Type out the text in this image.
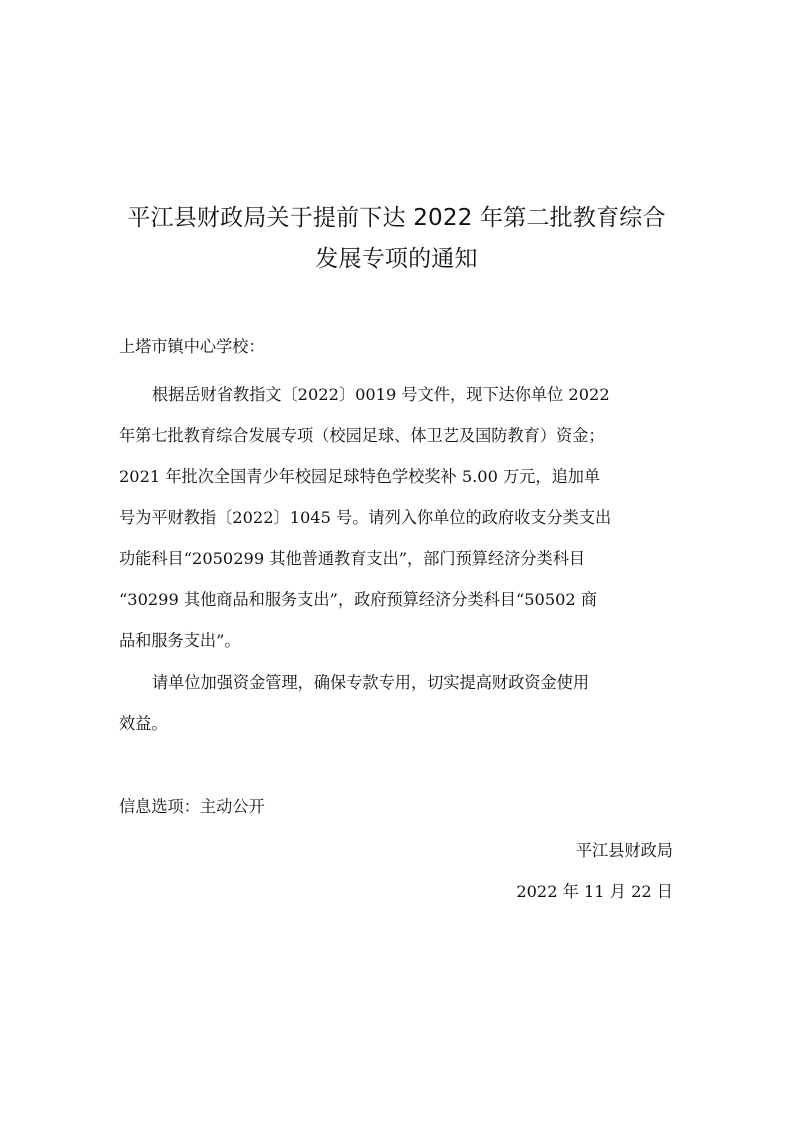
平江县财政局关于提前下达 2022 年第二批教育综合
发展专项的通知
上塔市镇中心学校：
根据岳财省教指文〔2022〕0019 号文件，现下达你单位 2022
年第七批教育综合发展专项（校园足球、体卫艺及国防教育）资金；
2021 年批次全国青少年校园足球特色学校奖补 5.00 万元，追加单
号为平财教指〔2022〕1045 号。请列入你单位的政府收支分类支出
功能科目“2050299 其他普通教育支出”，部门预算经济分类科目
“30299 其他商品和服务支出”，政府预算经济分类科目“50502 商
品和服务支出”。
请单位加强资金管理，确保专款专用，切实提高财政资金使用
效益。
信息选项：主动公开
平江县财政局
2022 年 11 月 22 日
